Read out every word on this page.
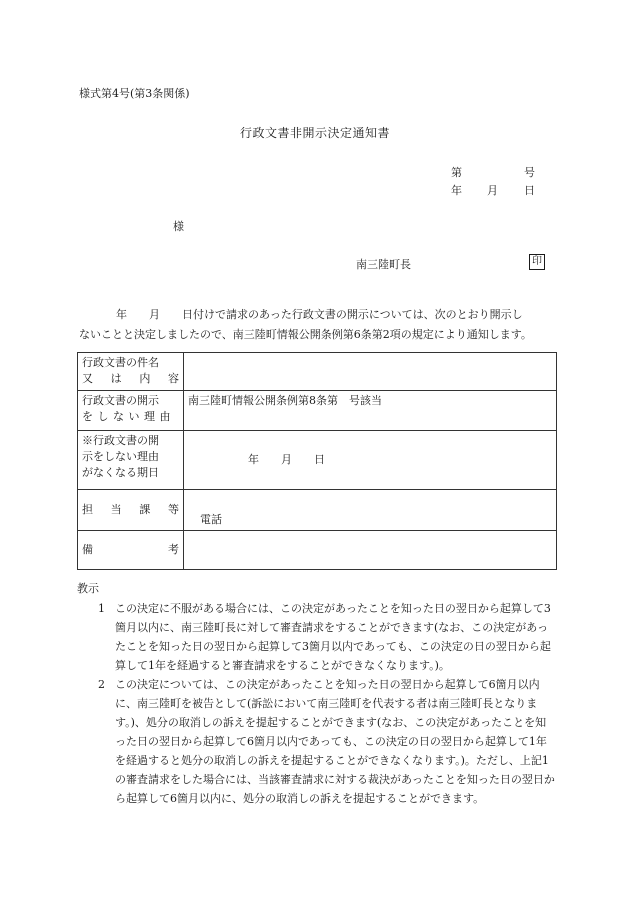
様式第4号(第3条関係)
行政文書非開示決定通知書
第	号
年 月 日
様
南三陸町長	印

年　　月　　日付けで請求のあった行政文書の開示については、次のとおり開示し

ないことと決定しましたので、南三陸町情報公開条例第6条第2項の規定により通知します。

行政文書の件名
又 は 内 容	

行政文書の開示
をしない理由	南三陸町情報公開条例第8条第　号該当

※行政文書の開
示をしない理由
がなくなる期日	年　　月　　日

担 当 課 等	電話

備 考	

教示
1 この決定に不服がある場合には、この決定があったことを知った日の翌日から起算して3箇月以内に、南三陸町長に対して審査請求をすることができます(なお、この決定があったことを知った日の翌日から起算して3箇月以内であっても、この決定の日の翌日から起算して1年を経過すると審査請求をすることができなくなります。)。
2 この決定については、この決定があったことを知った日の翌日から起算して6箇月以内に、南三陸町を被告として(訴訟において南三陸町を代表する者は南三陸町長となります。)、処分の取消しの訴えを提起することができます(なお、この決定があったことを知った日の翌日から起算して6箇月以内であっても、この決定の日の翌日から起算して1年を経過すると処分の取消しの訴えを提起することができなくなります。)。ただし、上記1の審査請求をした場合には、当該審査請求に対する裁決があったことを知った日の翌日から起算して6箇月以内に、処分の取消しの訴えを提起することができます。
